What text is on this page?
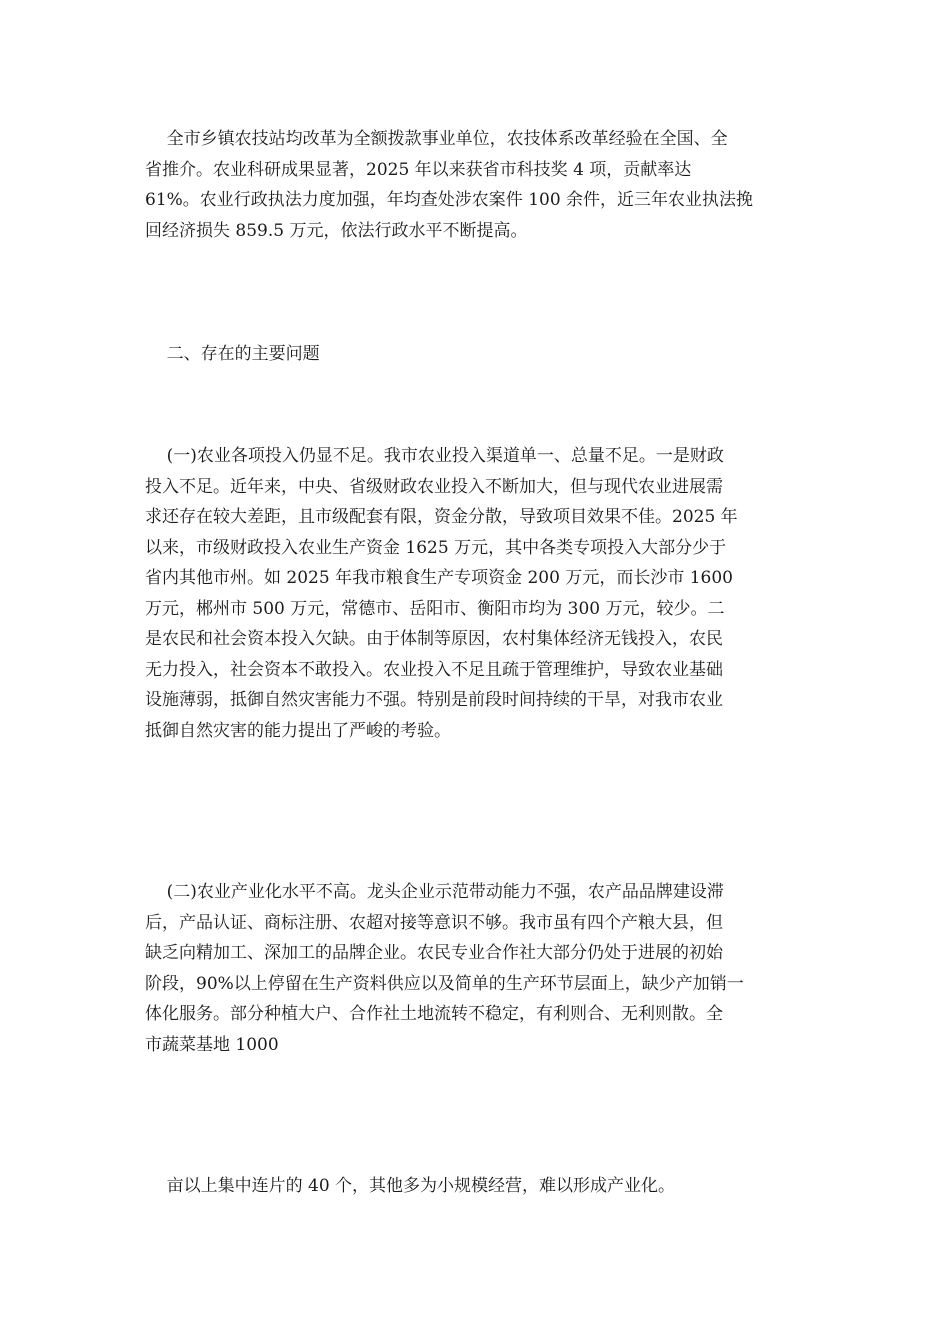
全市乡镇农技站均改革为全额拨款事业单位，农技体系改革经验在全国、全
省推介。农业科研成果显著，2025 年以来获省市科技奖 4 项，贡献率达
61%。农业行政执法力度加强，年均查处涉农案件 100 余件，近三年农业执法挽
回经济损失 859.5 万元，依法行政水平不断提高。

二、存在的主要问题

(一)农业各项投入仍显不足。我市农业投入渠道单一、总量不足。一是财政
投入不足。近年来，中央、省级财政农业投入不断加大，但与现代农业进展需
求还存在较大差距，且市级配套有限，资金分散，导致项目效果不佳。2025 年
以来，市级财政投入农业生产资金 1625 万元，其中各类专项投入大部分少于
省内其他市州。如 2025 年我市粮食生产专项资金 200 万元，而长沙市 1600
万元，郴州市 500 万元，常德市、岳阳市、衡阳市均为 300 万元，较少。二
是农民和社会资本投入欠缺。由于体制等原因，农村集体经济无钱投入，农民
无力投入，社会资本不敢投入。农业投入不足且疏于管理维护，导致农业基础
设施薄弱，抵御自然灾害能力不强。特别是前段时间持续的干旱，对我市农业
抵御自然灾害的能力提出了严峻的考验。

(二)农业产业化水平不高。龙头企业示范带动能力不强，农产品品牌建设滞
后，产品认证、商标注册、农超对接等意识不够。我市虽有四个产粮大县，但
缺乏向精加工、深加工的品牌企业。农民专业合作社大部分仍处于进展的初始
阶段，90%以上停留在生产资料供应以及简单的生产环节层面上，缺少产加销一
体化服务。部分种植大户、合作社土地流转不稳定，有利则合、无利则散。全
市蔬菜基地 1000

亩以上集中连片的 40 个，其他多为小规模经营，难以形成产业化。
